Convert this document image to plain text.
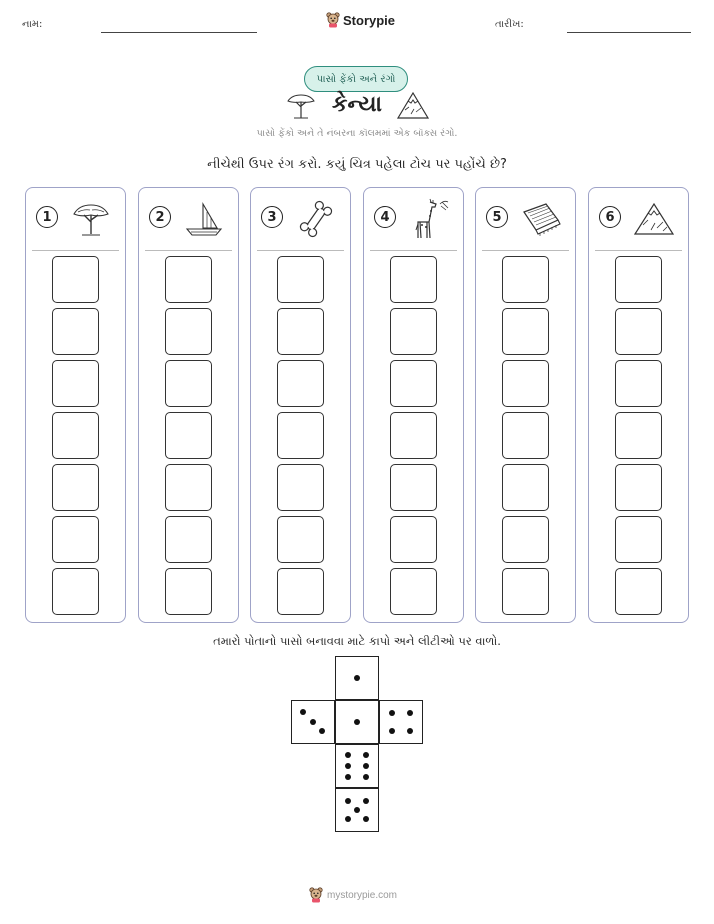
નામ:	Storypie	તારીખ:
પાસો ફેંકો અને રંગો
કેન્યા
પાસો ફેંકો અને તે નંબરના કૉલમમાં એક બૉક્સ રંગો.
નીચેથી ઉપર રંગ કરો. કયું ચિત્ર પહેલા ટોચ પર પહોંચે છે?
1	2	3	4	5	6
તમારો પોતાનો પાસો બનાવવા માટે કાપો અને લીટીઓ પર વાળો.
mystorypie.com
